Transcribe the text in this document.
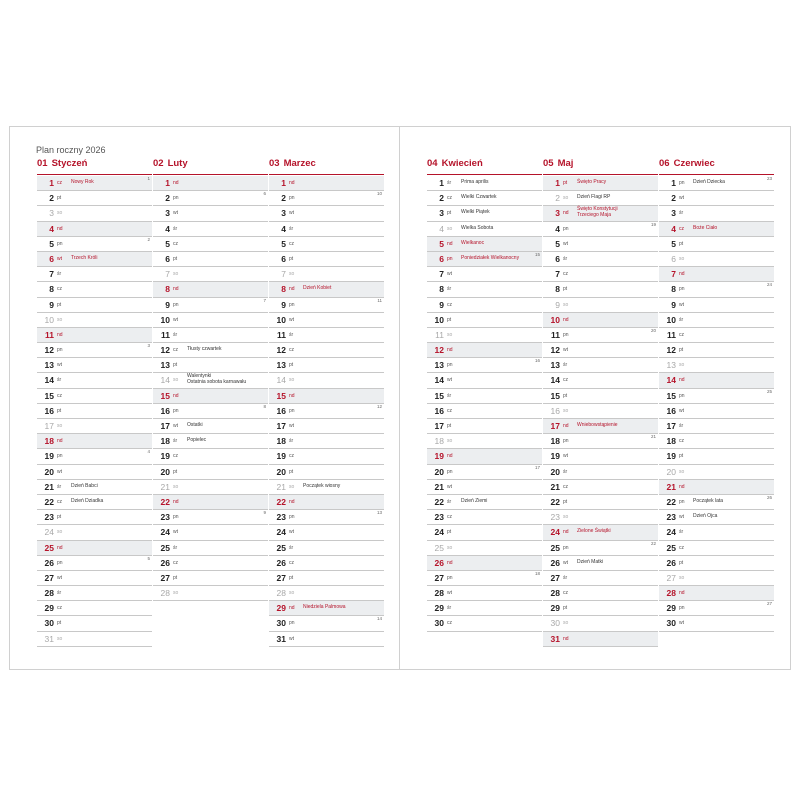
Plan roczny 2026
01 Styczeń
1 cz Nowy Rok
1
2 pt
3 so
4 nd
5 pn
2
6 wt Trzech Króli
7 śr
8 cz
9 pt
10 so
11 nd
12 pn
3
13 wt
14 śr
15 cz
16 pt
17 so
18 nd
19 pn
4
20 wt
21 śr Dzień Babci
22 cz Dzień Dziadka
23 pt
24 so
25 nd
26 pn
5
27 wt
28 śr
29 cz
30 pt
31 so
02 Luty
1 nd
2 pn
6
3 wt
4 śr
5 cz
6 pt
7 so
8 nd
9 pn
7
10 wt
11 śr
12 cz Tłusty czwartek
13 pt
14 so
Walentynki
Ostatnia sobota karnawału
15 nd
16 pn
8
17 wt Ostatki
18 śr Popielec
19 cz
20 pt
21 so
22 nd
23 pn
9
24 wt
25 śr
26 cz
27 pt
28 so
03 Marzec
1 nd
2 pn
10
3 wt
4 śr
5 cz
6 pt
7 so
8 nd Dzień Kobiet
9 pn
11
10 wt
11 śr
12 cz
13 pt
14 so
15 nd
16 pn
12
17 wt
18 śr
19 cz
20 pt
21 so Początek wiosny
22 nd
23 pn
13
24 wt
25 śr
26 cz
27 pt
28 so
29 nd Niedziela Palmowa
30 pn
14
31 wt
04 Kwiecień
1 śr Prima aprilis
2 cz Wielki Czwartek
3 pt Wielki Piątek
4 so Wielka Sobota
5 nd Wielkanoc
6 pn Poniedziałek Wielkanocny
15
7 wt
8 śr
9 cz
10 pt
11 so
12 nd
13 pn
16
14 wt
15 śr
16 cz
17 pt
18 so
19 nd
20 pn
17
21 wt
22 śr Dzień Ziemi
23 cz
24 pt
25 so
26 nd
27 pn
18
28 wt
29 śr
30 cz
05 Maj
1 pt Święto Pracy
2 so Dzień Flagi RP
3 nd
Święto Konstytucji
Trzeciego Maja
4 pn
19
5 wt
6 śr
7 cz
8 pt
9 so
10 nd
11 pn
20
12 wt
13 śr
14 cz
15 pt
16 so
17 nd Wniebowstąpienie
18 pn
21
19 wt
20 śr
21 cz
22 pt
23 so
24 nd Zielone Świątki
25 pn
22
26 wt Dzień Matki
27 śr
28 cz
29 pt
30 so
31 nd
06 Czerwiec
1 pn Dzień Dziecka
23
2 wt
3 śr
4 cz Boże Ciało
5 pt
6 so
7 nd
8 pn
24
9 wt
10 śr
11 cz
12 pt
13 so
14 nd
15 pn
25
16 wt
17 śr
18 cz
19 pt
20 so
21 nd
22 pn Początek lata
26
23 wt Dzień Ojca
24 śr
25 cz
26 pt
27 so
28 nd
29 pn
27
30 wt
